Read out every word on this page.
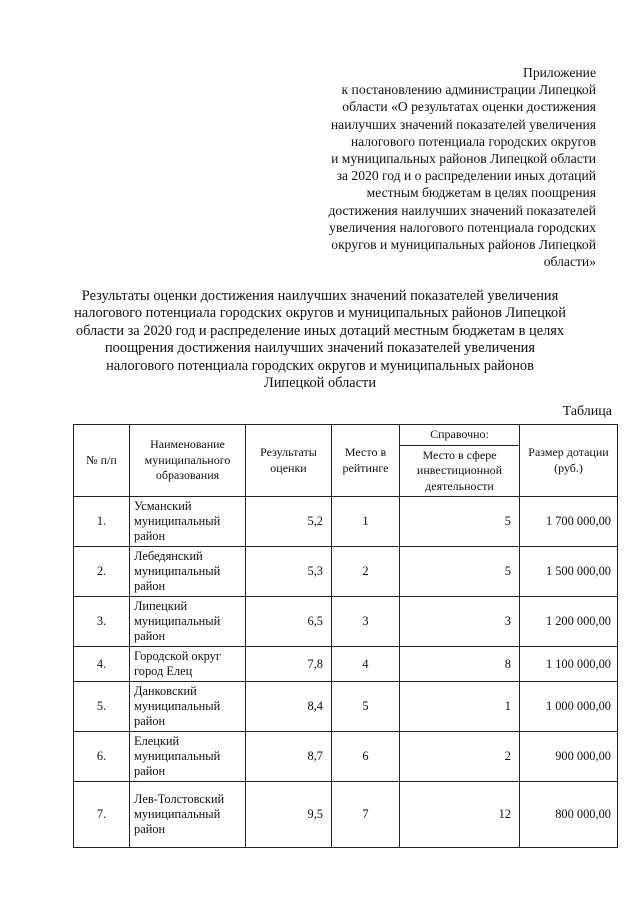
Приложение
к постановлению администрации Липецкой
области «О результатах оценки достижения
наилучших значений показателей увеличения
налогового потенциала городских округов
и муниципальных районов Липецкой области
за 2020 год и о распределении иных дотаций
местным бюджетам в целях поощрения
достижения наилучших значений показателей
увеличения налогового потенциала городских
округов и муниципальных районов Липецкой
области»
Результаты оценки достижения наилучших значений показателей увеличения
налогового потенциала городских округов и муниципальных районов Липецкой
области за 2020 год и распределение иных дотаций местным бюджетам в целях
поощрения достижения наилучших значений показателей увеличения
налогового потенциала городских округов и муниципальных районов
Липецкой области
Таблица
№ п/п	Наименование муниципального образования	Результаты оценки	Место в рейтинге	Справочно:	Размер дотации (руб.)
				Место в сфере инвестиционной деятельности	
1.	Усманский муниципальный район	5,2	1	5	1 700 000,00
2.	Лебедянский муниципальный район	5,3	2	5	1 500 000,00
3.	Липецкий муниципальный район	6,5	3	3	1 200 000,00
4.	Городской округ город Елец	7,8	4	8	1 100 000,00
5.	Данковский муниципальный район	8,4	5	1	1 000 000,00
6.	Елецкий муниципальный район	8,7	6	2	900 000,00
7.	Лев-Толстовский муниципальный район	9,5	7	12	800 000,00
